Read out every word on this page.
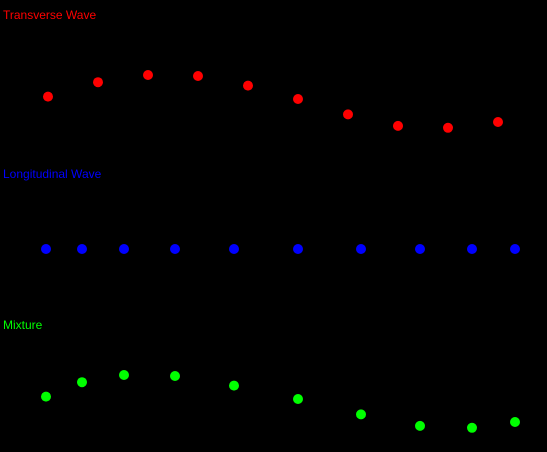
Transverse Wave
Longitudinal Wave
Mixture
